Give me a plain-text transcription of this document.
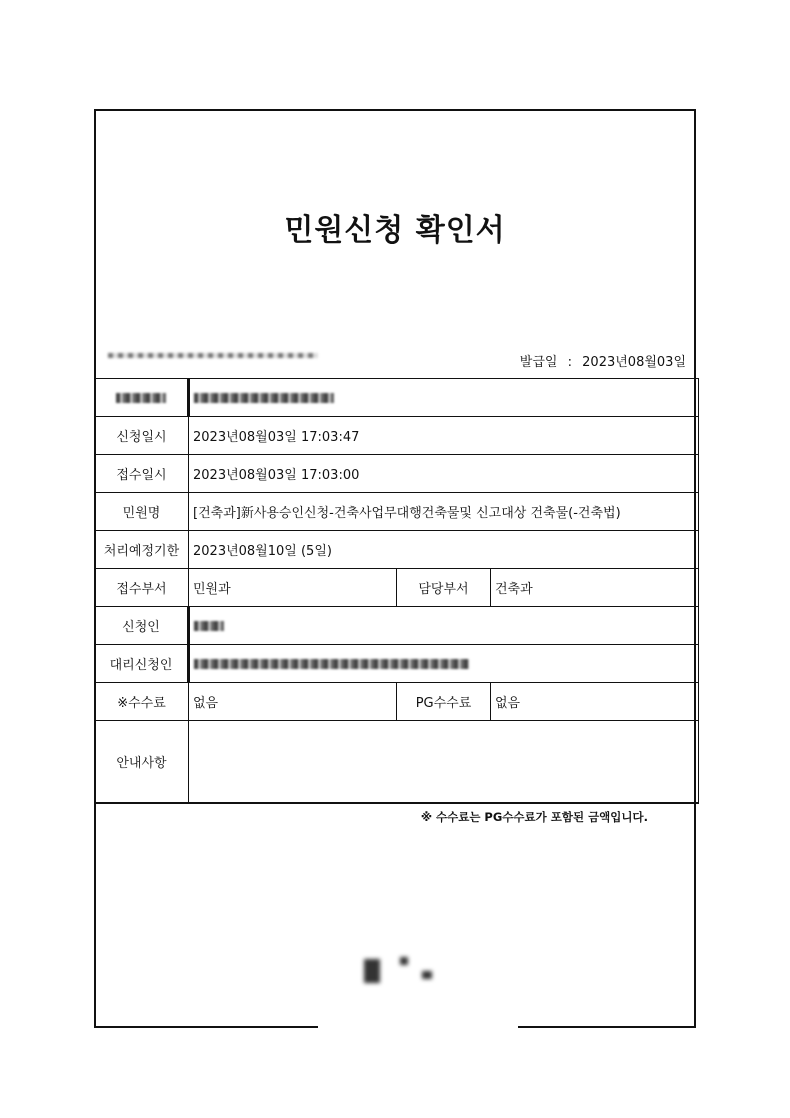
민원신청 확인서
발급일 : 2023년08월03일

신청일시	2023년08월03일 17:03:47		
접수일시	2023년08월03일 17:03:00		
민원명	[건축과]新사용승인신청-건축사업무대행건축물및 신고대상 건축물(-건축법)		
처리예정기한	2023년08월10일 (5일)		
접수부서	민원과	담당부서	건축과
신청인			
대리신청인			
※수수료	없음	PG수수료	없음
안내사항			
※ 수수료는 PG수수료가 포함된 금액입니다.
